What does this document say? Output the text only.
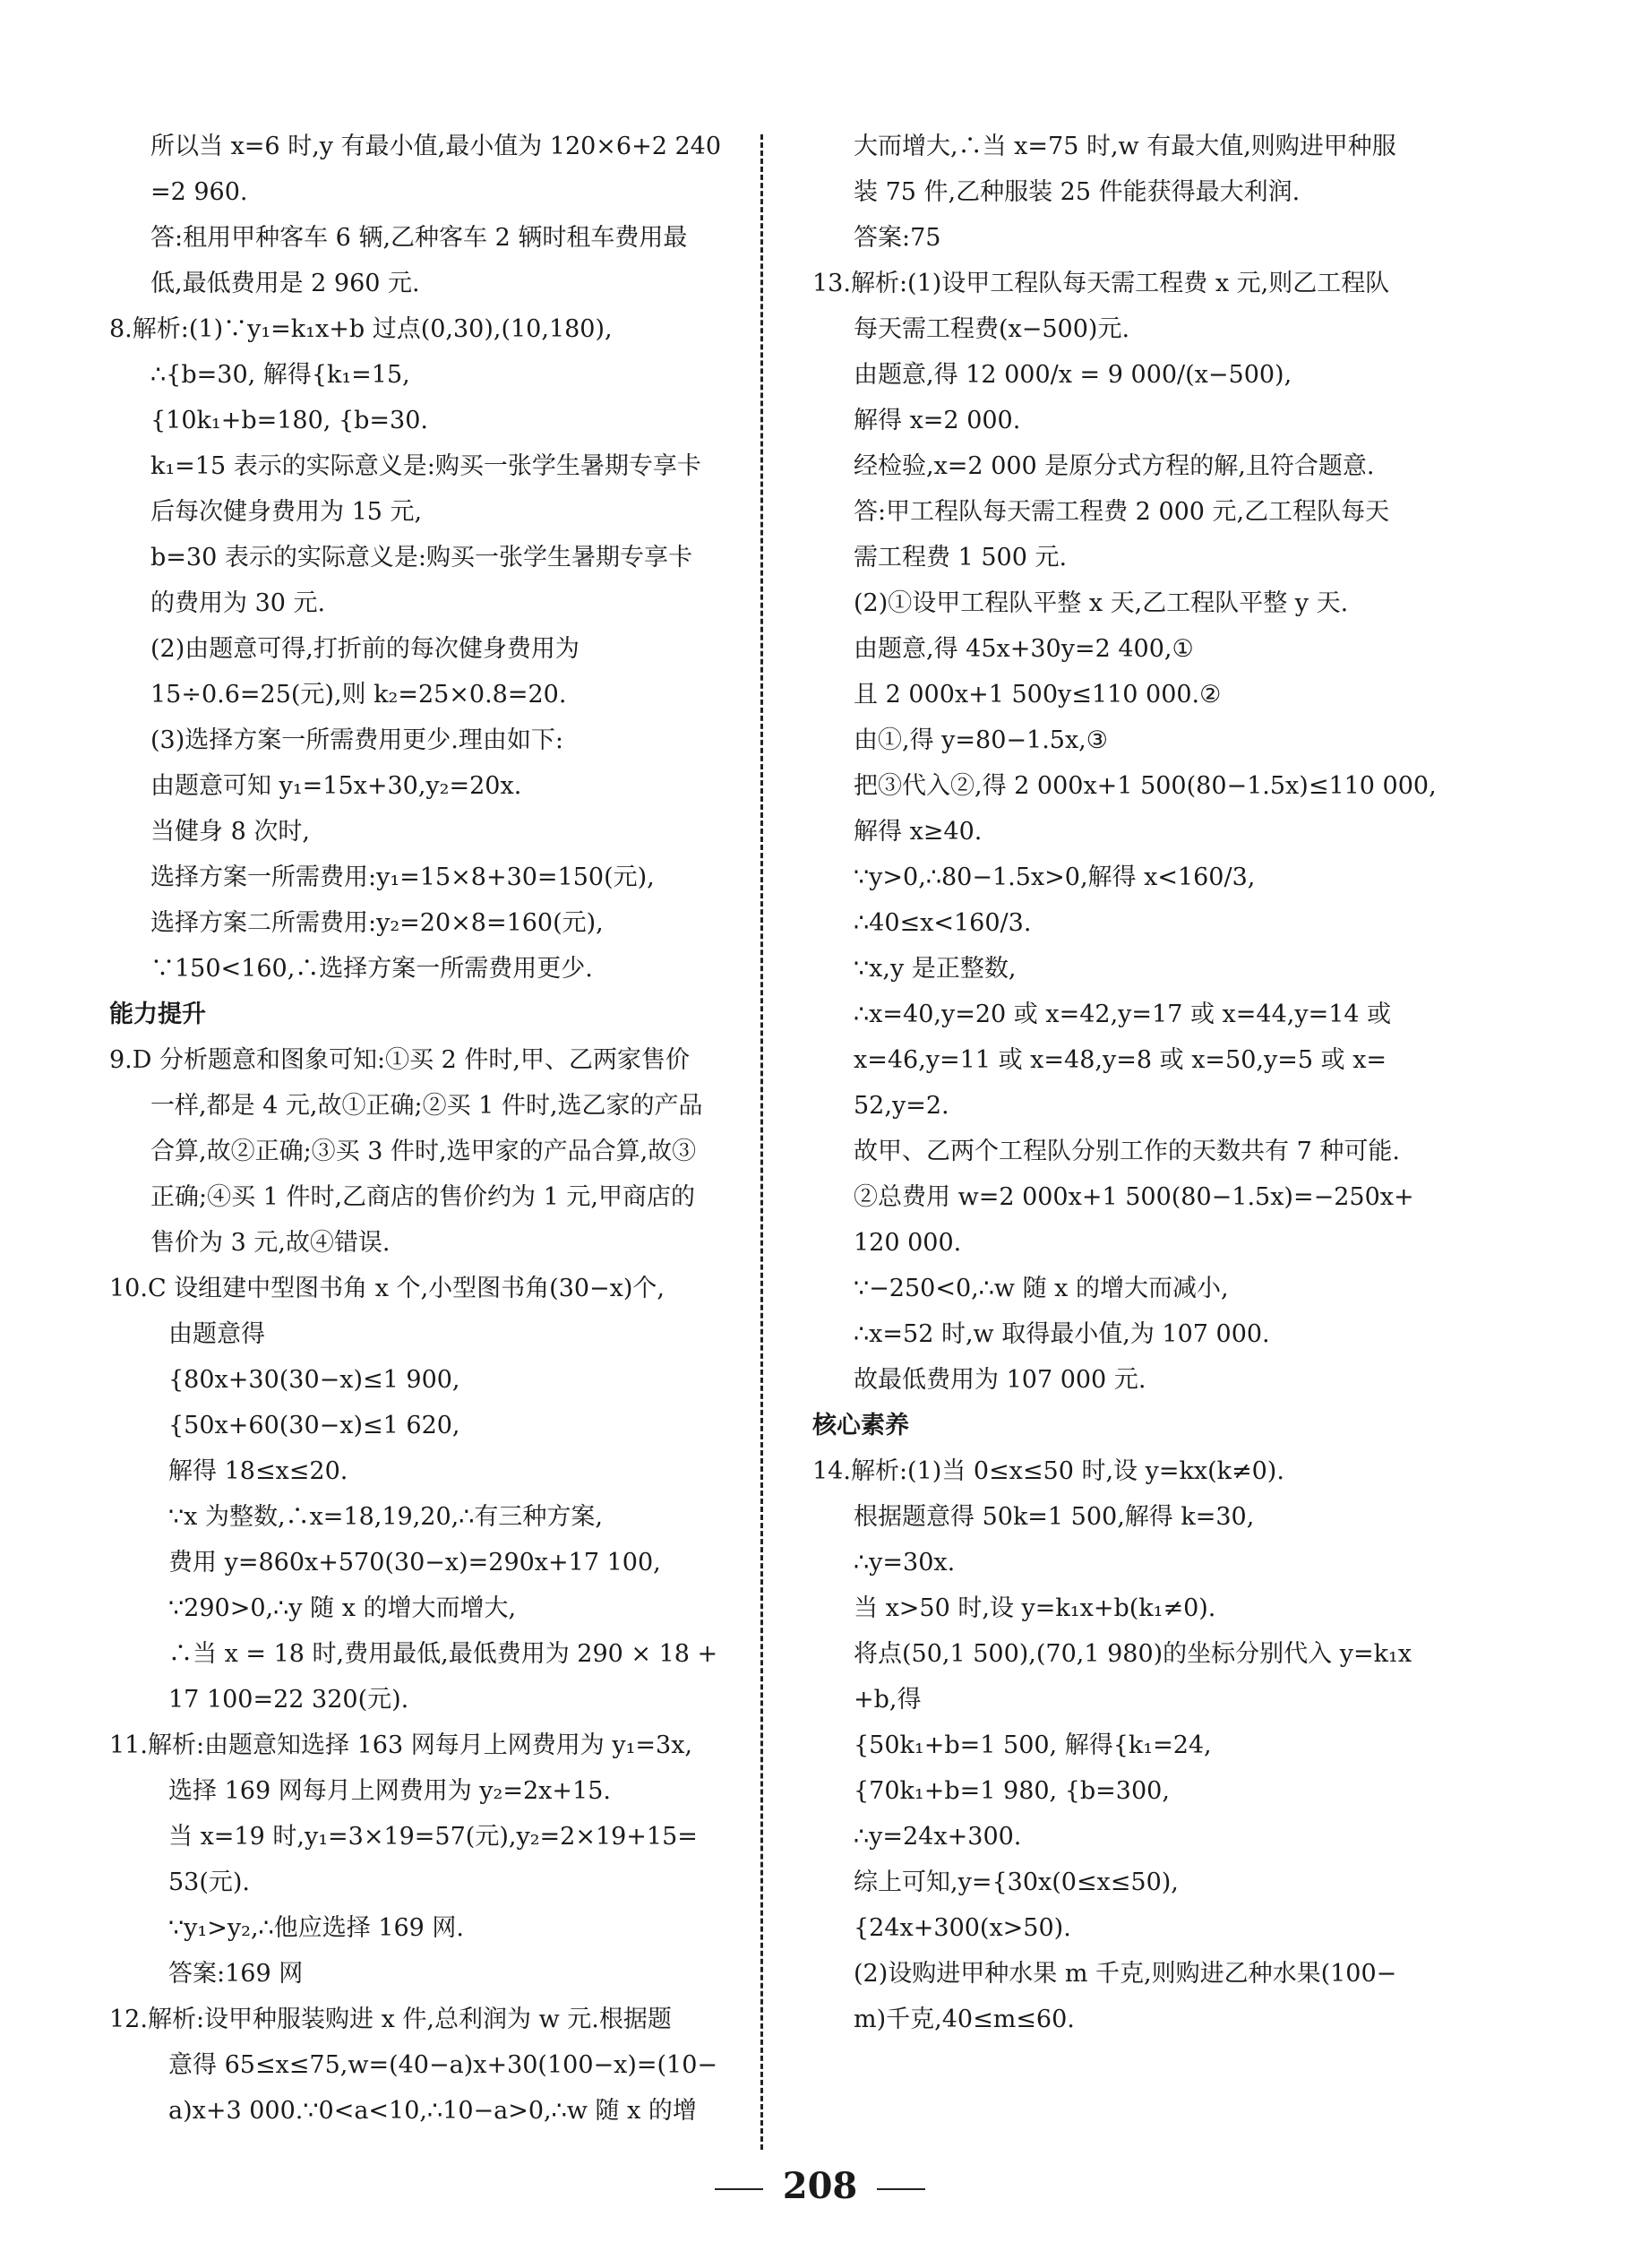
所以当 x=6 时,y 有最小值,最小值为 120×6+2 240
=2 960.
答:租用甲种客车 6 辆,乙种客车 2 辆时租车费用最
低,最低费用是 2 960 元.
8.解析:(1)∵y₁=k₁x+b 过点(0,30),(10,180),
∴{b=30, 解得{k₁=15,
{10k₁+b=180, {b=30.
k₁=15 表示的实际意义是:购买一张学生暑期专享卡
后每次健身费用为 15 元,
b=30 表示的实际意义是:购买一张学生暑期专享卡
的费用为 30 元.
(2)由题意可得,打折前的每次健身费用为
15÷0.6=25(元),则 k₂=25×0.8=20.
(3)选择方案一所需费用更少.理由如下:
由题意可知 y₁=15x+30,y₂=20x.
当健身 8 次时,
选择方案一所需费用:y₁=15×8+30=150(元),
选择方案二所需费用:y₂=20×8=160(元),
∵150<160,∴选择方案一所需费用更少.
能力提升
9.D 分析题意和图象可知:①买 2 件时,甲、乙两家售价
一样,都是 4 元,故①正确;②买 1 件时,选乙家的产品
合算,故②正确;③买 3 件时,选甲家的产品合算,故③
正确;④买 1 件时,乙商店的售价约为 1 元,甲商店的
售价为 3 元,故④错误.
10.C 设组建中型图书角 x 个,小型图书角(30−x)个,
由题意得
{80x+30(30−x)≤1 900,
{50x+60(30−x)≤1 620,
解得 18≤x≤20.
∵x 为整数,∴x=18,19,20,∴有三种方案,
费用 y=860x+570(30−x)=290x+17 100,
∵290>0,∴y 随 x 的增大而增大,
∴当 x = 18 时,费用最低,最低费用为 290 × 18 +
17 100=22 320(元).
11.解析:由题意知选择 163 网每月上网费用为 y₁=3x,
选择 169 网每月上网费用为 y₂=2x+15.
当 x=19 时,y₁=3×19=57(元),y₂=2×19+15=
53(元).
∵y₁>y₂,∴他应选择 169 网.
答案:169 网
12.解析:设甲种服装购进 x 件,总利润为 w 元.根据题
意得 65≤x≤75,w=(40−a)x+30(100−x)=(10−
a)x+3 000.∵0<a<10,∴10−a>0,∴w 随 x 的增
大而增大,∴当 x=75 时,w 有最大值,则购进甲种服
装 75 件,乙种服装 25 件能获得最大利润.
答案:75
13.解析:(1)设甲工程队每天需工程费 x 元,则乙工程队
每天需工程费(x−500)元.
由题意,得 12 000/x = 9 000/(x−500),
解得 x=2 000.
经检验,x=2 000 是原分式方程的解,且符合题意.
答:甲工程队每天需工程费 2 000 元,乙工程队每天
需工程费 1 500 元.
(2)①设甲工程队平整 x 天,乙工程队平整 y 天.
由题意,得 45x+30y=2 400,①
且 2 000x+1 500y≤110 000.②
由①,得 y=80−1.5x,③
把③代入②,得 2 000x+1 500(80−1.5x)≤110 000,
解得 x≥40.
∵y>0,∴80−1.5x>0,解得 x<160/3,
∴40≤x<160/3.
∵x,y 是正整数,
∴x=40,y=20 或 x=42,y=17 或 x=44,y=14 或
x=46,y=11 或 x=48,y=8 或 x=50,y=5 或 x=
52,y=2.
故甲、乙两个工程队分别工作的天数共有 7 种可能.
②总费用 w=2 000x+1 500(80−1.5x)=−250x+
120 000.
∵−250<0,∴w 随 x 的增大而减小,
∴x=52 时,w 取得最小值,为 107 000.
故最低费用为 107 000 元.
核心素养
14.解析:(1)当 0≤x≤50 时,设 y=kx(k≠0).
根据题意得 50k=1 500,解得 k=30,
∴y=30x.
当 x>50 时,设 y=k₁x+b(k₁≠0).
将点(50,1 500),(70,1 980)的坐标分别代入 y=k₁x
+b,得
{50k₁+b=1 500, 解得{k₁=24,
{70k₁+b=1 980, {b=300,
∴y=24x+300.
综上可知,y={30x(0≤x≤50),
{24x+300(x>50).
(2)设购进甲种水果 m 千克,则购进乙种水果(100−
m)千克,40≤m≤60.
208
